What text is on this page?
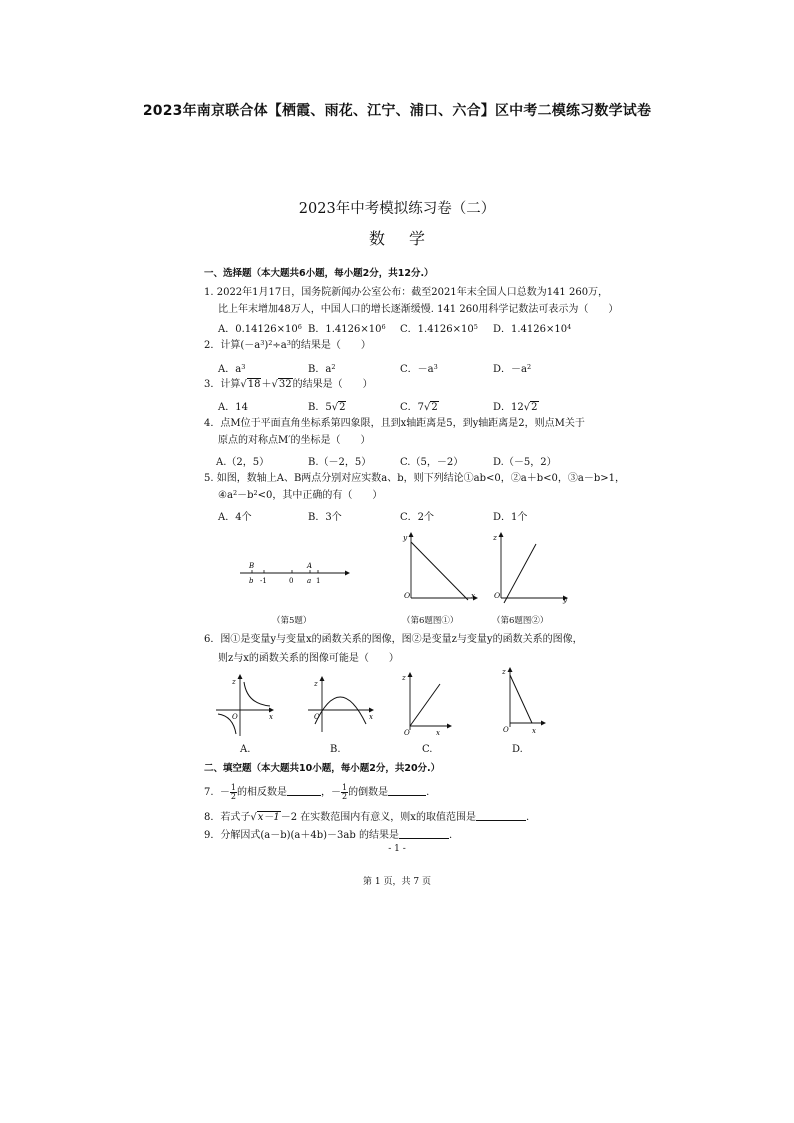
2023年南京联合体【栖霞、雨花、江宁、浦口、六合】区中考二模练习数学试卷
2023年中考模拟练习卷（二）
数学
一、选择题（本大题共6小题，每小题2分，共12分.）
1. 2022年1月17日，国务院新闻办公室公布：截至2021年末全国人口总数为141 260万，
比上年末增加48万人，中国人口的增长逐渐缓慢. 141 260用科学记数法可表示为（　　）
A．$0.14126\times 10^6$ B．$1.4126\times 10^6$ C．$1.4126\times 10^5$ D．$1.4126\times 10^4$
2．计算$(-a^3)^2\div a^3$的结果是（　　）
A．$a^3$	B．$a^2$	C．$-a^3$	D．$-a^2$
3．计算√18＋√32的结果是（　　）
A．14	B．5√2	C．7√2	D．12√2
4．点M位于平面直角坐标系第四象限，且到x轴距离是5，到y轴距离是2，则点M关于
原点的对称点M′的坐标是（　　）
A.（2，5）	B.（－2，5）	C.（5，－2）	D.（－5，2）
5. 如图，数轴上A、B两点分别对应实数a、b，则下列结论①ab<0，②a＋b<0，③a－b>1，
$④a^2-b^2<0$，其中正确的有（　　）
A．4个	B．3个	C．2个	D．1个
B
b -1	0
A
a 1
y
x
O
z
y
O
（第5题）	（第6题图①）	（第6题图②）
6．图①是变量y与变量x的函数关系的图像，图②是变量z与变量y的函数关系的图像，
则z与x的函数关系的图像可能是（　　）
z
x
O
z
x
O
z
x
O
z
x
O
A.	B.	C.	D.
二、填空题（本大题共10小题，每小题2分，共20分.）
7. － $\frac{1}{2}$ 的相反数是	，－ $\frac{1}{2}$ 的倒数是	.
8．若式子√x－1－2 在实数范围内有意义，则x的取值范围是	.
9．分解因式(a－b)(a＋4b)－3ab 的结果是	.
- 1 -
第 1 页，共 7 页
